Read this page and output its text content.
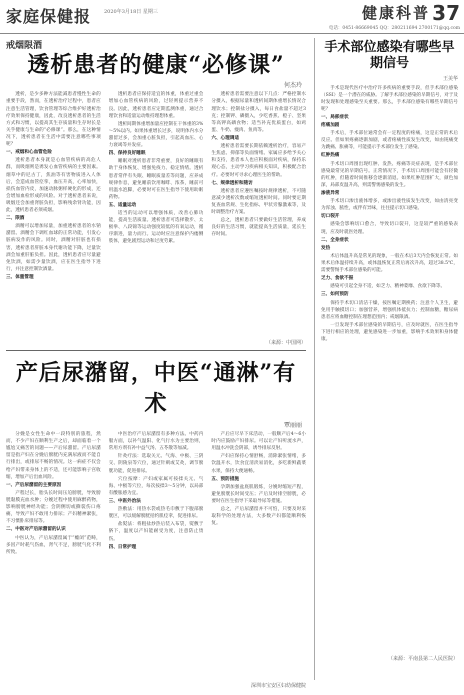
家庭保健报	2020年3月18日 星期三	健康科普 37
电话：0451-86669045 QQ：280211694 2700171@qq.com
戒烟限酒
透析患者的健康“必修课”
何杰玲

透析，是少多种方法能减患者慢性生命的重要手段，然而，在透析治疗过程中，患者应注意生活管理，饮食管理等综合维护好透析治疗效果保持健康，因此，改良透析患者的生活方式和习惯，以提高其生存质量和生存时长是关乎健康与生命的“必修课”。那么，在这种情况下，透析患者在生活中需要注意哪些事项呢？

一、戒烟和心血管危险

透析患者本身就是心血管疾病的高危人群，而吸烟则是诱发心血管疾病的主要因素。烟草中的尼古丁，焦油等有害物质进入人体后，会造成血管痉挛，血压升高，心率加快，损伤血管内皮，加速动脉粥样硬化的形成，还会增加血栓形成的风险。对于透析患者来说，吸烟还会加重肾脏负担，影响残余肾功能，因此，透析患者必须戒烟。

二、限酒

酒精可以增加尿量，加重透析患者的水钠潴留。酒精会下调红血球的正常功能，引发心脏病发作的风险。同时，酒精对肝脏也有损害，透析患者肝脏本身代谢功能下降，过量饮酒会加重肝脏负担。因此，透析患者应尽量避免饮酒，如需少量饮酒，应在医生指导下进行，并注意控制饮酒量。

三、体重管理

透析患者应保持适宜的体重，体重过重会增加心血管疾病的风险，过轻则提示营养不良。因此，透析患者应定期监测体重，通过合理饮食和适量运动维持理想体重。

透析间期体重增加量应控制在干体重的3%～5%以内。如果体重增长过多，说明体内水分潴留过多，会加重心脏负担，引起高血压、心力衰竭等并发症。

四、保持良好睡眠

睡眠对透析患者非常重要，良好的睡眠有助于身体恢复、增强免疫力、稳定情绪。透析患者常伴有失眠、睡眠质量差等问题，应养成规律作息，避免睡前饮用咖啡、浓茶，睡前可用温水泡脚，必要时可在医生指导下使用助眠药物。

五、适量运动

适当的运动可以增强体质，改善心肺功能，提高生活质量。透析患者可选择散步、太极拳、八段锦等运动强度较低的有氧运动，循序渐进，量力而行。运动时应注意保护内瘘侧肢体，避免剧烈运动和过度劳累。

透析患者需要注意以下几点：严格控制水分摄入，根据尿量和透析间期体重增长情况合理饮水；控制盐分摄入，每日食盐量不超过3克；控制钾、磷摄入，少吃香蕉、橙子、坚果等高钾高磷食物；适当补充优质蛋白，如鸡蛋、牛奶、瘦肉、鱼肉等。

六、心理调适

透析患者需要长期依赖透析治疗，容易产生焦虑、抑郁等负面情绪。家属应多给予关心和支持，患者本人也应积极面对疾病，保持乐观心态，主动学习疾病相关知识，积极配合治疗。必要时可寻求心理医生的帮助。

七、规律透析和随访

透析患者应遵医嘱按时规律透析，不可随意减少透析次数或缩短透析时间。同时要定期复查血常规、生化指标、甲状旁腺激素等，及时调整治疗方案。

总之，透析患者只要做好生活管理，养成良好的生活习惯，就能提高生活质量，延长生存时间。

（来源：中国网）
产后尿潴留，中医“通淋”有术
覃丽丽

分娩是女性生命中一段特别的旅程，然而，不少产妇在顺利生产之后，却面临着一个尴尬又痛苦的问题——产后尿潴留。产后尿潴留是指产妇在分娩后膀胱内充满尿液而不能自行排出，或排尿不畅的情况。这一病症不仅会给产妇带来身体上的不适，还可能影响子宫收缩，增加产后出血风险。

一、产后尿潴留的主要原因

产程过长，胎头长时间压迫膀胱，导致膀胱黏膜充血水肿；分娩过程中使用麻醉药物，影响膀胱神经功能；会阴侧切或撕裂伤口疼痛，导致产妇不敢用力排尿；产妇精神紧张，不习惯卧床排尿等。

二、中医对产后尿潴留的认识

中医认为，产后尿潴留属于“癃闭”范畴，多因产时耗气伤血，肾气不足，膀胱气化不利所致。

中医治疗产后尿潴留有多种方法。中药内服方面，以补气温阳、化气行水为主要治则，常用方剂有补中益气汤、五苓散等加减。

针灸疗法：选取关元、气海、中极、三阴交、阴陵泉等穴位，通过针刺或艾灸，调节膀胱功能，促进排尿。

穴位按摩：产妇或家属可按揉关元、气海、中极等穴位，每次按揉3～5分钟，以局部有酸胀感为宜。

三、中医外治法

热敷法：用热水袋或热毛巾敷于下腹部膀胱区，可以缓解膀胱括约肌痉挛，促进排尿。

盐熨法：将粗盐炒热后装入布袋，熨敷于脐下，温度以产妇能耐受为度，注意防止烫伤。

四、日常护理

产后应尽早下床活动，一般顺产后4～6小时内应鼓励产妇排尿。可以让产妇听流水声，用温水冲洗会阴部，诱导排尿反射。

产妇应保持心情舒畅，消除紧张情绪，多饮温开水，饮食宜清淡易消化，多吃新鲜蔬菜水果，保持大便通畅。

五、预防措施

孕期加强盆底肌锻炼，分娩时缩短产程，避免膀胱长时间受压；产后及时排空膀胱，必要时在医生指导下采取导尿等措施。

总之，产后尿潴留并不可怕，只要及时采取科学的处理方法，大多数产妇都能顺利恢复。

手术部位感染有哪些早期信号
王美华

手术是现代医疗中治疗许多疾病的重要手段，但手术部位感染（SSI）是一个潜在的威胁。了解手术部位感染的早期信号，对于及时发现和处理感染至关重要。那么，手术部位感染有哪些早期信号呢？

一、局部症状

疼痛加剧

手术后，手术部位通常会有一定程度的疼痛，这是正常的术后反应。但如果疼痛逐渐加剧，或者疼痛性质发生改变，如由钝痛变为跳痛、胀痛等，可能提示手术部位发生了感染。

红肿热痛

手术切口周围出现红肿、发热、疼痛等炎症表现，是手术部位感染最常见的早期信号。正常情况下，手术切口周围可能会有轻微的红肿，但随着时间推移会逐渐消退。如果红肿范围扩大，颜色加深，局部皮温升高，则需警惕感染的发生。

渗液异常

手术切口渗出液体增多，或渗出液性质发生改变，如由清亮变为浑浊、脓性，或伴有异味，往往提示切口感染。

切口裂开

感染会影响切口愈合，导致切口裂开，这是较严重的感染表现，应及时就医处理。

二、全身症状

发热

术后体温升高是常见的现象，一般在术后3天内会恢复正常。如果术后体温持续升高，或体温恢复正常后再次升高，超过38.5℃，需要警惕手术部位感染的可能。

乏力、食欲不振

感染可引起全身不适，如乏力、精神萎靡、食欲下降等。

三、如何预防

保持手术切口清洁干燥，按医嘱定期换药；注意个人卫生，避免用手触摸切口；加强营养，增强机体抵抗力；控制血糖，糖尿病患者应将血糖控制在理想范围内；戒烟限酒。

一旦发现手术部位感染的早期信号，应及时就医，在医生指导下进行相应的处理，避免感染进一步加重，影响手术效果和身体健康。

（来源：平南县第二人民医院）
深圳市宝安区妇幼保健院
